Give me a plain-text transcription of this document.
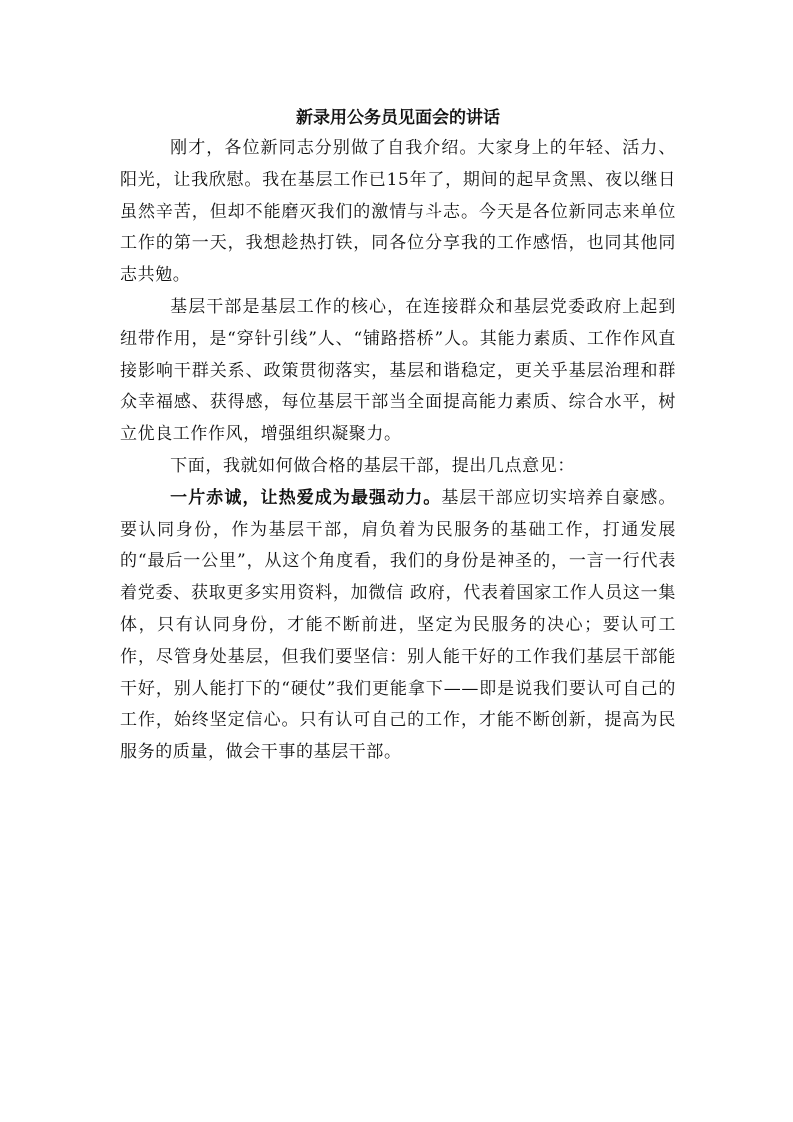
新录用公务员见面会的讲话

刚才，各位新同志分别做了自我介绍。大家身上的年轻、活力、阳光，让我欣慰。我在基层工作已15年了，期间的起早贪黑、夜以继日虽然辛苦，但却不能磨灭我们的激情与斗志。今天是各位新同志来单位工作的第一天，我想趁热打铁，同各位分享我的工作感悟，也同其他同志共勉。

基层干部是基层工作的核心，在连接群众和基层党委政府上起到纽带作用，是“穿针引线”人、“铺路搭桥”人。其能力素质、工作作风直接影响干群关系、政策贯彻落实，基层和谐稳定，更关乎基层治理和群众幸福感、获得感，每位基层干部当全面提高能力素质、综合水平，树立优良工作作风，增强组织凝聚力。

下面，我就如何做合格的基层干部，提出几点意见：

一片赤诚，让热爱成为最强动力。基层干部应切实培养自豪感。要认同身份，作为基层干部，肩负着为民服务的基础工作，打通发展的“最后一公里”，从这个角度看，我们的身份是神圣的，一言一行代表着党委、获取更多实用资料，加微信 政府，代表着国家工作人员这一集体，只有认同身份，才能不断前进，坚定为民服务的决心；要认可工作，尽管身处基层，但我们要坚信：别人能干好的工作我们基层干部能干好，别人能打下的“硬仗”我们更能拿下——即是说我们要认可自己的工作，始终坚定信心。只有认可自己的工作，才能不断创新，提高为民服务的质量，做会干事的基层干部。
